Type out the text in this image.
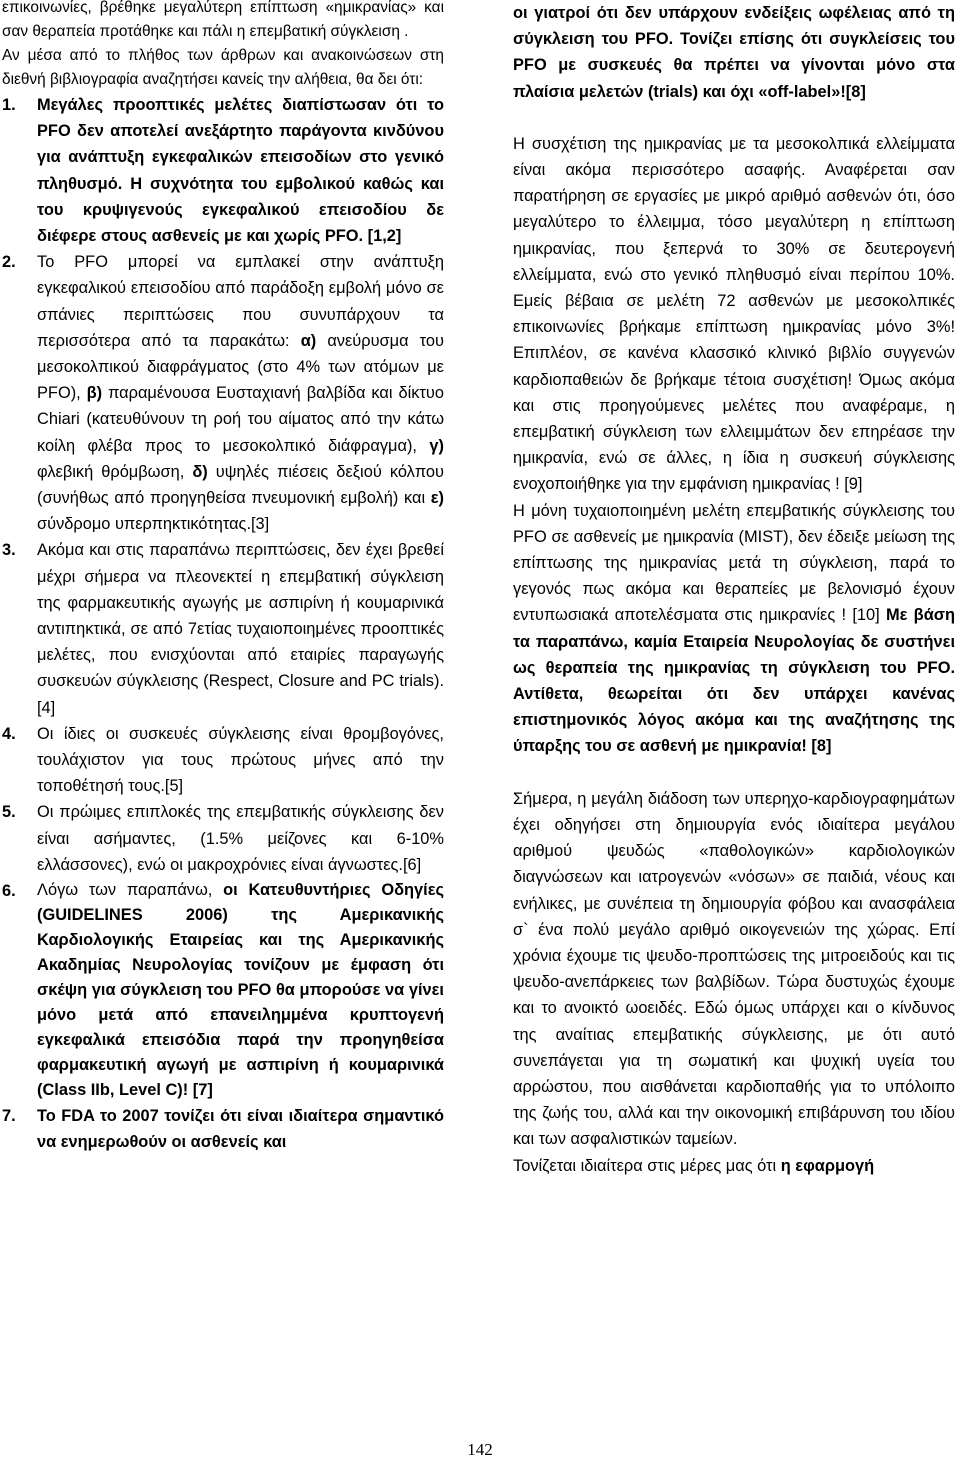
επικοινωνίες, βρέθηκε μεγαλύτερη επίπτωση «ημικρανίας» και σαν θεραπεία προτάθηκε και πάλι η επεμβατική σύγκλειση .

Αν μέσα από το πλήθος των άρθρων και ανακοινώσεων στη διεθνή βιβλιογραφία αναζητήσει κανείς την αλήθεια, θα δει ότι:

1.	Μεγάλες προοπτικές μελέτες διαπίστωσαν ότι το PFO δεν αποτελεί ανεξάρτητο παράγοντα κινδύνου για ανάπτυξη εγκεφαλικών επεισοδίων στο γενικό πληθυσμό. Η συχνότητα του εμβολικού καθώς και του κρυψιγενούς εγκεφαλικού επεισοδίου δε διέφερε στους ασθενείς με και χωρίς PFO. [1,2]
2.	Το PFO μπορεί να εμπλακεί στην ανάπτυξη εγκεφαλικού επεισοδίου από παράδοξη εμβολή μόνο σε σπάνιες περιπτώσεις που συνυπάρχουν τα περισσότερα από τα παρακάτω: α) ανεύρυσμα του μεσοκολπικού διαφράγματος (στο 4% των ατόμων με PFO), β) παραμένουσα Ευσταχιανή βαλβίδα και δίκτυο Chiari (κατευθύνουν τη ροή του αίματος από την κάτω κοίλη φλέβα προς το μεσοκολπικό διάφραγμα), γ) φλεβική θρόμβωση, δ) υψηλές πιέσεις δεξιού κόλπου (συνήθως από προηγηθείσα πνευμονική εμβολή) και ε) σύνδρομο υπερπηκτικότητας.[3]
3.	Ακόμα και στις παραπάνω περιπτώσεις, δεν έχει βρεθεί μέχρι σήμερα να πλεονεκτεί η επεμβατική σύγκλειση της φαρμακευτικής αγωγής με ασπιρίνη ή κουμαρινικά αντιπηκτικά, σε από 7ετίας τυχαιοποιημένες προοπτικές μελέτες, που ενισχύονται από εταιρίες παραγωγής συσκευών σύγκλεισης (Respect, Closure and PC trials).[4]
4.	Οι ίδιες οι συσκευές σύγκλεισης είναι θρομβογόνες, τουλάχιστον για τους πρώτους μήνες από την τοποθέτησή τους.[5]
5.	Οι πρώιμες επιπλοκές της επεμβατικής σύγκλεισης δεν είναι ασήμαντες, (1.5% μείζονες και 6-10% ελλάσσονες), ενώ οι μακροχρόνιες είναι άγνωστες.[6]
6.	Λόγω των παραπάνω, οι Κατευθυντήριες Οδηγίες (GUIDELINES 2006) της Αμερικανικής Καρδιολογικής Εταιρείας και της Αμερικανικής Ακαδημίας Νευρολογίας τονίζουν με έμφαση ότι σκέψη για σύγκλειση του PFO θα μπορούσε να γίνει μόνο μετά από επανειλημμένα κρυπτογενή εγκεφαλικά επεισόδια παρά την προηγηθείσα φαρμακευτική αγωγή με ασπιρίνη ή κουμαρινικά (Class IIb, Level C)! [7]
7.	Το FDA το 2007 τονίζει ότι είναι ιδιαίτερα σημαντικό να ενημερωθούν οι ασθενείς και
οι γιατροί ότι δεν υπάρχουν ενδείξεις ωφέλειας από τη σύγκλειση του PFO. Τονίζει επίσης ότι συγκλείσεις του PFO με συσκευές θα πρέπει να γίνονται μόνο στα πλαίσια μελετών (trials) και όχι «off-label»![8]
Η συσχέτιση της ημικρανίας με τα μεσοκολπικά ελλείμματα είναι ακόμα περισσότερο ασαφής. Αναφέρεται σαν παρατήρηση σε εργασίες με μικρό αριθμό ασθενών ότι, όσο μεγαλύτερο το έλλειμμα, τόσο μεγαλύτερη η επίπτωση ημικρανίας, που ξεπερνά το 30% σε δευτερογενή ελλείμματα, ενώ στο γενικό πληθυσμό είναι περίπου 10%. Εμείς βέβαια σε μελέτη 72 ασθενών με μεσοκολπικές επικοινωνίες βρήκαμε επίπτωση ημικρανίας μόνο 3%! Επιπλέον, σε κανένα κλασσικό κλινικό βιβλίο συγγενών καρδιοπαθειών δε βρήκαμε τέτοια συσχέτιση! Όμως ακόμα και στις προηγούμενες μελέτες που αναφέραμε, η επεμβατική σύγκλειση των ελλειμμάτων δεν επηρέασε την ημικρανία, ενώ σε άλλες, η ίδια η συσκευή σύγκλεισης ενοχοποιήθηκε για την εμφάνιση ημικρανίας ! [9]
Η μόνη τυχαιοποιημένη μελέτη επεμβατικής σύγκλεισης του PFO σε ασθενείς με ημικρανία (MIST), δεν έδειξε μείωση της επίπτωσης της ημικρανίας μετά τη σύγκλειση, παρά το γεγονός πως ακόμα και θεραπείες με βελονισμό έχουν εντυπωσιακά αποτελέσματα στις ημικρανίες ! [10] Με βάση τα παραπάνω, καμία Εταιρεία Νευρολογίας δε συστήνει ως θεραπεία της ημικρανίας τη σύγκλειση του PFO. Αντίθετα, θεωρείται ότι δεν υπάρχει κανένας επιστημονικός λόγος ακόμα και της αναζήτησης της ύπαρξης του σε ασθενή με ημικρανία! [8]
Σήμερα, η μεγάλη διάδοση των υπερηχο-καρδιογραφημάτων έχει οδηγήσει στη δημιουργία ενός ιδιαίτερα μεγάλου αριθμού ψευδώς «παθολογικών» καρδιολογικών διαγνώσεων και ιατρογενών «νόσων» σε παιδιά, νέους και ενήλικες, με συνέπεια τη δημιουργία φόβου και ανασφάλεια σ` ένα πολύ μεγάλο αριθμό οικογενειών της χώρας. Επί χρόνια έχουμε τις ψευδο-προπτώσεις της μιτροειδούς και τις ψευδο-ανεπάρκειες των βαλβίδων. Τώρα δυστυχώς έχουμε και το ανοικτό ωοειδές. Εδώ όμως υπάρχει και ο κίνδυνος της αναίτιας επεμβατικής σύγκλεισης, με ότι αυτό συνεπάγεται για τη σωματική και ψυχική υγεία του αρρώστου, που αισθάνεται καρδιοπαθής για το υπόλοιπο της ζωής του, αλλά και την οικονομική επιβάρυνση του ιδίου και των ασφαλιστικών ταμείων.
Τονίζεται ιδιαίτερα στις μέρες μας ότι η εφαρμογή
142
